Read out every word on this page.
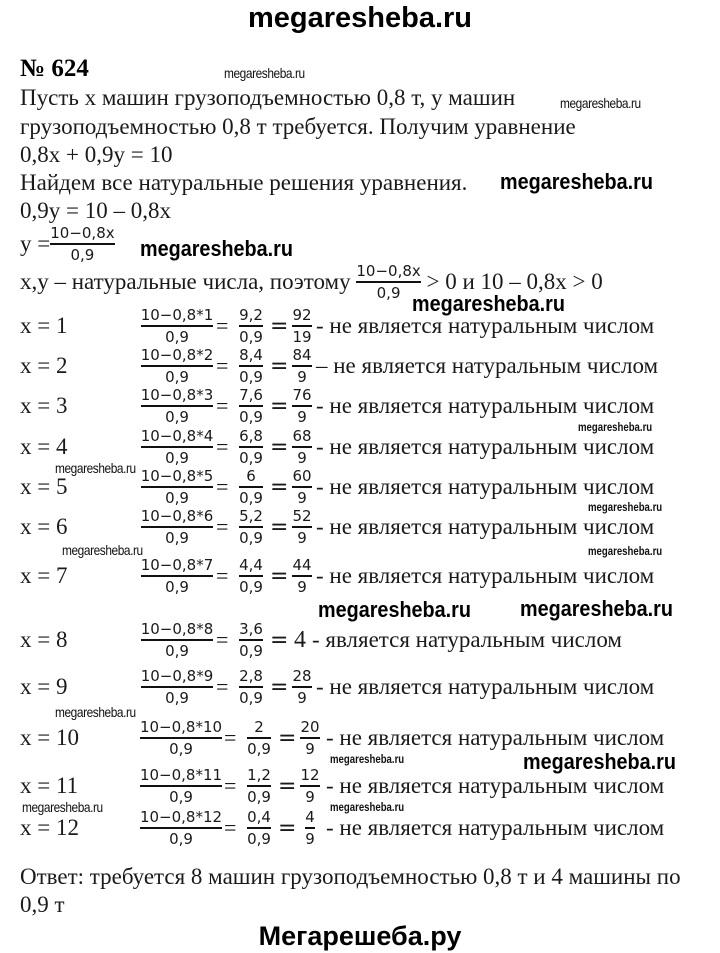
megaresheba.ru
№ 624
Пусть x машин грузоподъемностью 0,8 т, y машин
грузоподъемностью 0,8 т требуется. Получим уравнение
0,8x + 0,9y = 10
Найдем все натуральные решения уравнения.
0,9y = 10 – 0,8x
$y = \frac{10-0,8x}{0,9}$
x,y – натуральные числа, поэтому $\frac{10-0,8x}{0,9} > 0$ и 10 – 0,8x > 0
x = 1	$\frac{10-0,8*1}{0,9} = \frac{9,2}{0,9} = \frac{92}{19}$ - не является натуральным числом
x = 2	$\frac{10-0,8*2}{0,9} = \frac{8,4}{0,9} = \frac{84}{9}$ – не является натуральным числом
x = 3	$\frac{10-0,8*3}{0,9} = \frac{7,6}{0,9} = \frac{76}{9}$ - не является натуральным числом
x = 4	$\frac{10-0,8*4}{0,9} = \frac{6,8}{0,9} = \frac{68}{9}$ - не является натуральным числом
x = 5	$\frac{10-0,8*5}{0,9} = \frac{6}{0,9} = \frac{60}{9}$ - не является натуральным числом
x = 6	$\frac{10-0,8*6}{0,9} = \frac{5,2}{0,9} = \frac{52}{9}$ - не является натуральным числом
x = 7	$\frac{10-0,8*7}{0,9} = \frac{4,4}{0,9} = \frac{44}{9}$ - не является натуральным числом
x = 8	$\frac{10-0,8*8}{0,9} = \frac{3,6}{0,9} = 4$ - является натуральным числом
x = 9	$\frac{10-0,8*9}{0,9} = \frac{2,8}{0,9} = \frac{28}{9}$ - не является натуральным числом
x = 10	$\frac{10-0,8*10}{0,9} = \frac{2}{0,9} = \frac{20}{9}$ - не является натуральным числом
x = 11	$\frac{10-0,8*11}{0,9} = \frac{1,2}{0,9} = \frac{12}{9}$ - не является натуральным числом
x = 12	$\frac{10-0,8*12}{0,9} = \frac{0,4}{0,9} = \frac{4}{9}$ - не является натуральным числом
Ответ: требуется 8 машин грузоподъемностью 0,8 т и 4 машины по
0,9 т
Мегарешеба.ру
megaresheba.ru
megaresheba.ru
megaresheba.ru
megaresheba.ru
megaresheba.ru
megaresheba.ru
megaresheba.ru
megaresheba.ru
megaresheba.ru
megaresheba.ru	megaresheba.ru
megaresheba.ru
megaresheba.ru
megaresheba.ru	megaresheba.ru
megaresheba.ru	megaresheba.ru
